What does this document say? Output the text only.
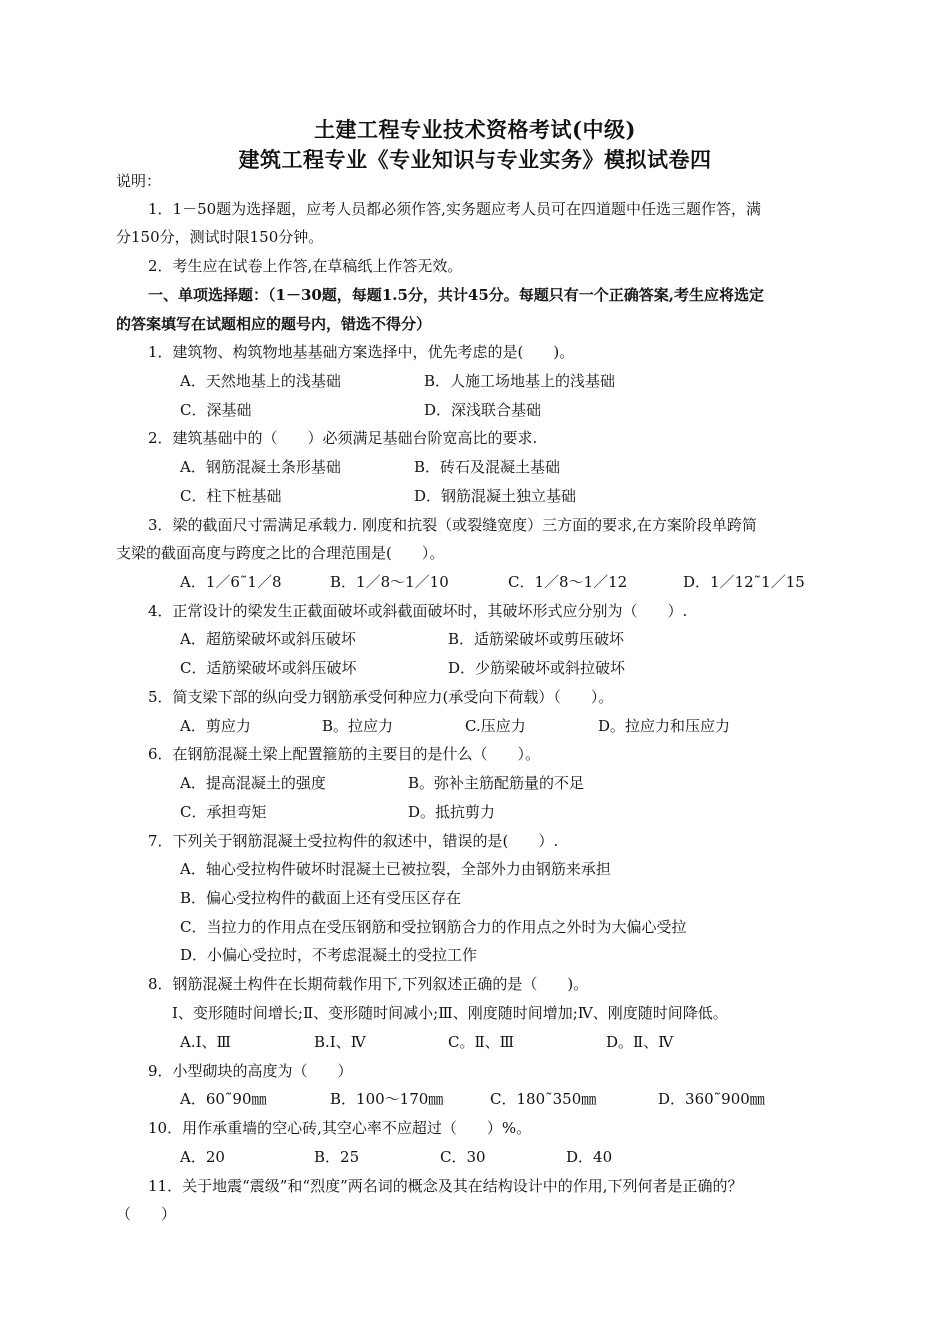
土建工程专业技术资格考试(中级)
建筑工程专业《专业知识与专业实务》模拟试卷四
说明：
1．1－50题为选择题，应考人员都必须作答,实务题应考人员可在四道题中任选三题作答，满
分150分，测试时限150分钟。
2．考生应在试卷上作答,在草稿纸上作答无效。
一、单项选择题：（1－30题，每题1.5分，共计45分。每题只有一个正确答案,考生应将选定
的答案填写在试题相应的题号内，错选不得分）
1．建筑物、构筑物地基基础方案选择中，优先考虑的是(　　)。
A．天然地基上的浅基础	B．人施工场地基上的浅基础
C．深基础	D．深浅联合基础
2．建筑基础中的（　　）必须满足基础台阶宽高比的要求.
A．钢筋混凝土条形基础	B．砖石及混凝土基础
C．柱下桩基础	D．钢筋混凝土独立基础
3．梁的截面尺寸需满足承载力. 刚度和抗裂（或裂缝宽度）三方面的要求,在方案阶段单跨简
支梁的截面高度与跨度之比的合理范围是(　　）。
A．1／6˜1／8	B．1／8～1／10	C．1／8～1／12	D．1／12˜1／15
4．正常设计的梁发生正截面破坏或斜截面破坏时，其破坏形式应分别为（　　）.
A．超筋梁破坏或斜压破坏	B．适筋梁破坏或剪压破坏
C．适筋梁破坏或斜压破坏	D．少筋梁破坏或斜拉破坏
5．简支梁下部的纵向受力钢筋承受何种应力(承受向下荷载）（　　）。
A．剪应力	B。拉应力	C.压应力	D。拉应力和压应力
6．在钢筋混凝土梁上配置箍筋的主要目的是什么（　　）。
A．提高混凝土的强度	B。弥补主筋配筋量的不足
C．承担弯矩	D。抵抗剪力
7．下列关于钢筋混凝土受拉构件的叙述中，错误的是(　　）.
A．轴心受拉构件破坏时混凝土已被拉裂，全部外力由钢筋来承担
B．偏心受拉构件的截面上还有受压区存在
C．当拉力的作用点在受压钢筋和受拉钢筋合力的作用点之外时为大偏心受拉
D．小偏心受拉时，不考虑混凝土的受拉工作
8．钢筋混凝土构件在长期荷载作用下,下列叙述正确的是（　　)。
Ⅰ、变形随时间增长;Ⅱ、变形随时间减小;Ⅲ、刚度随时间增加;Ⅳ、刚度随时间降低。
A.Ⅰ、Ⅲ	B.Ⅰ、Ⅳ	C。Ⅱ、Ⅲ	D。Ⅱ、Ⅳ
9．小型砌块的高度为（　　）
A．60˜90㎜	B．100～170㎜	C．180˜350㎜	D．360˜900㎜
10．用作承重墙的空心砖,其空心率不应超过（　　）%。
A．20	B．25	C．30	D．40
11．关于地震“震级”和“烈度”两名词的概念及其在结构设计中的作用,下列何者是正确的？
（　　）
